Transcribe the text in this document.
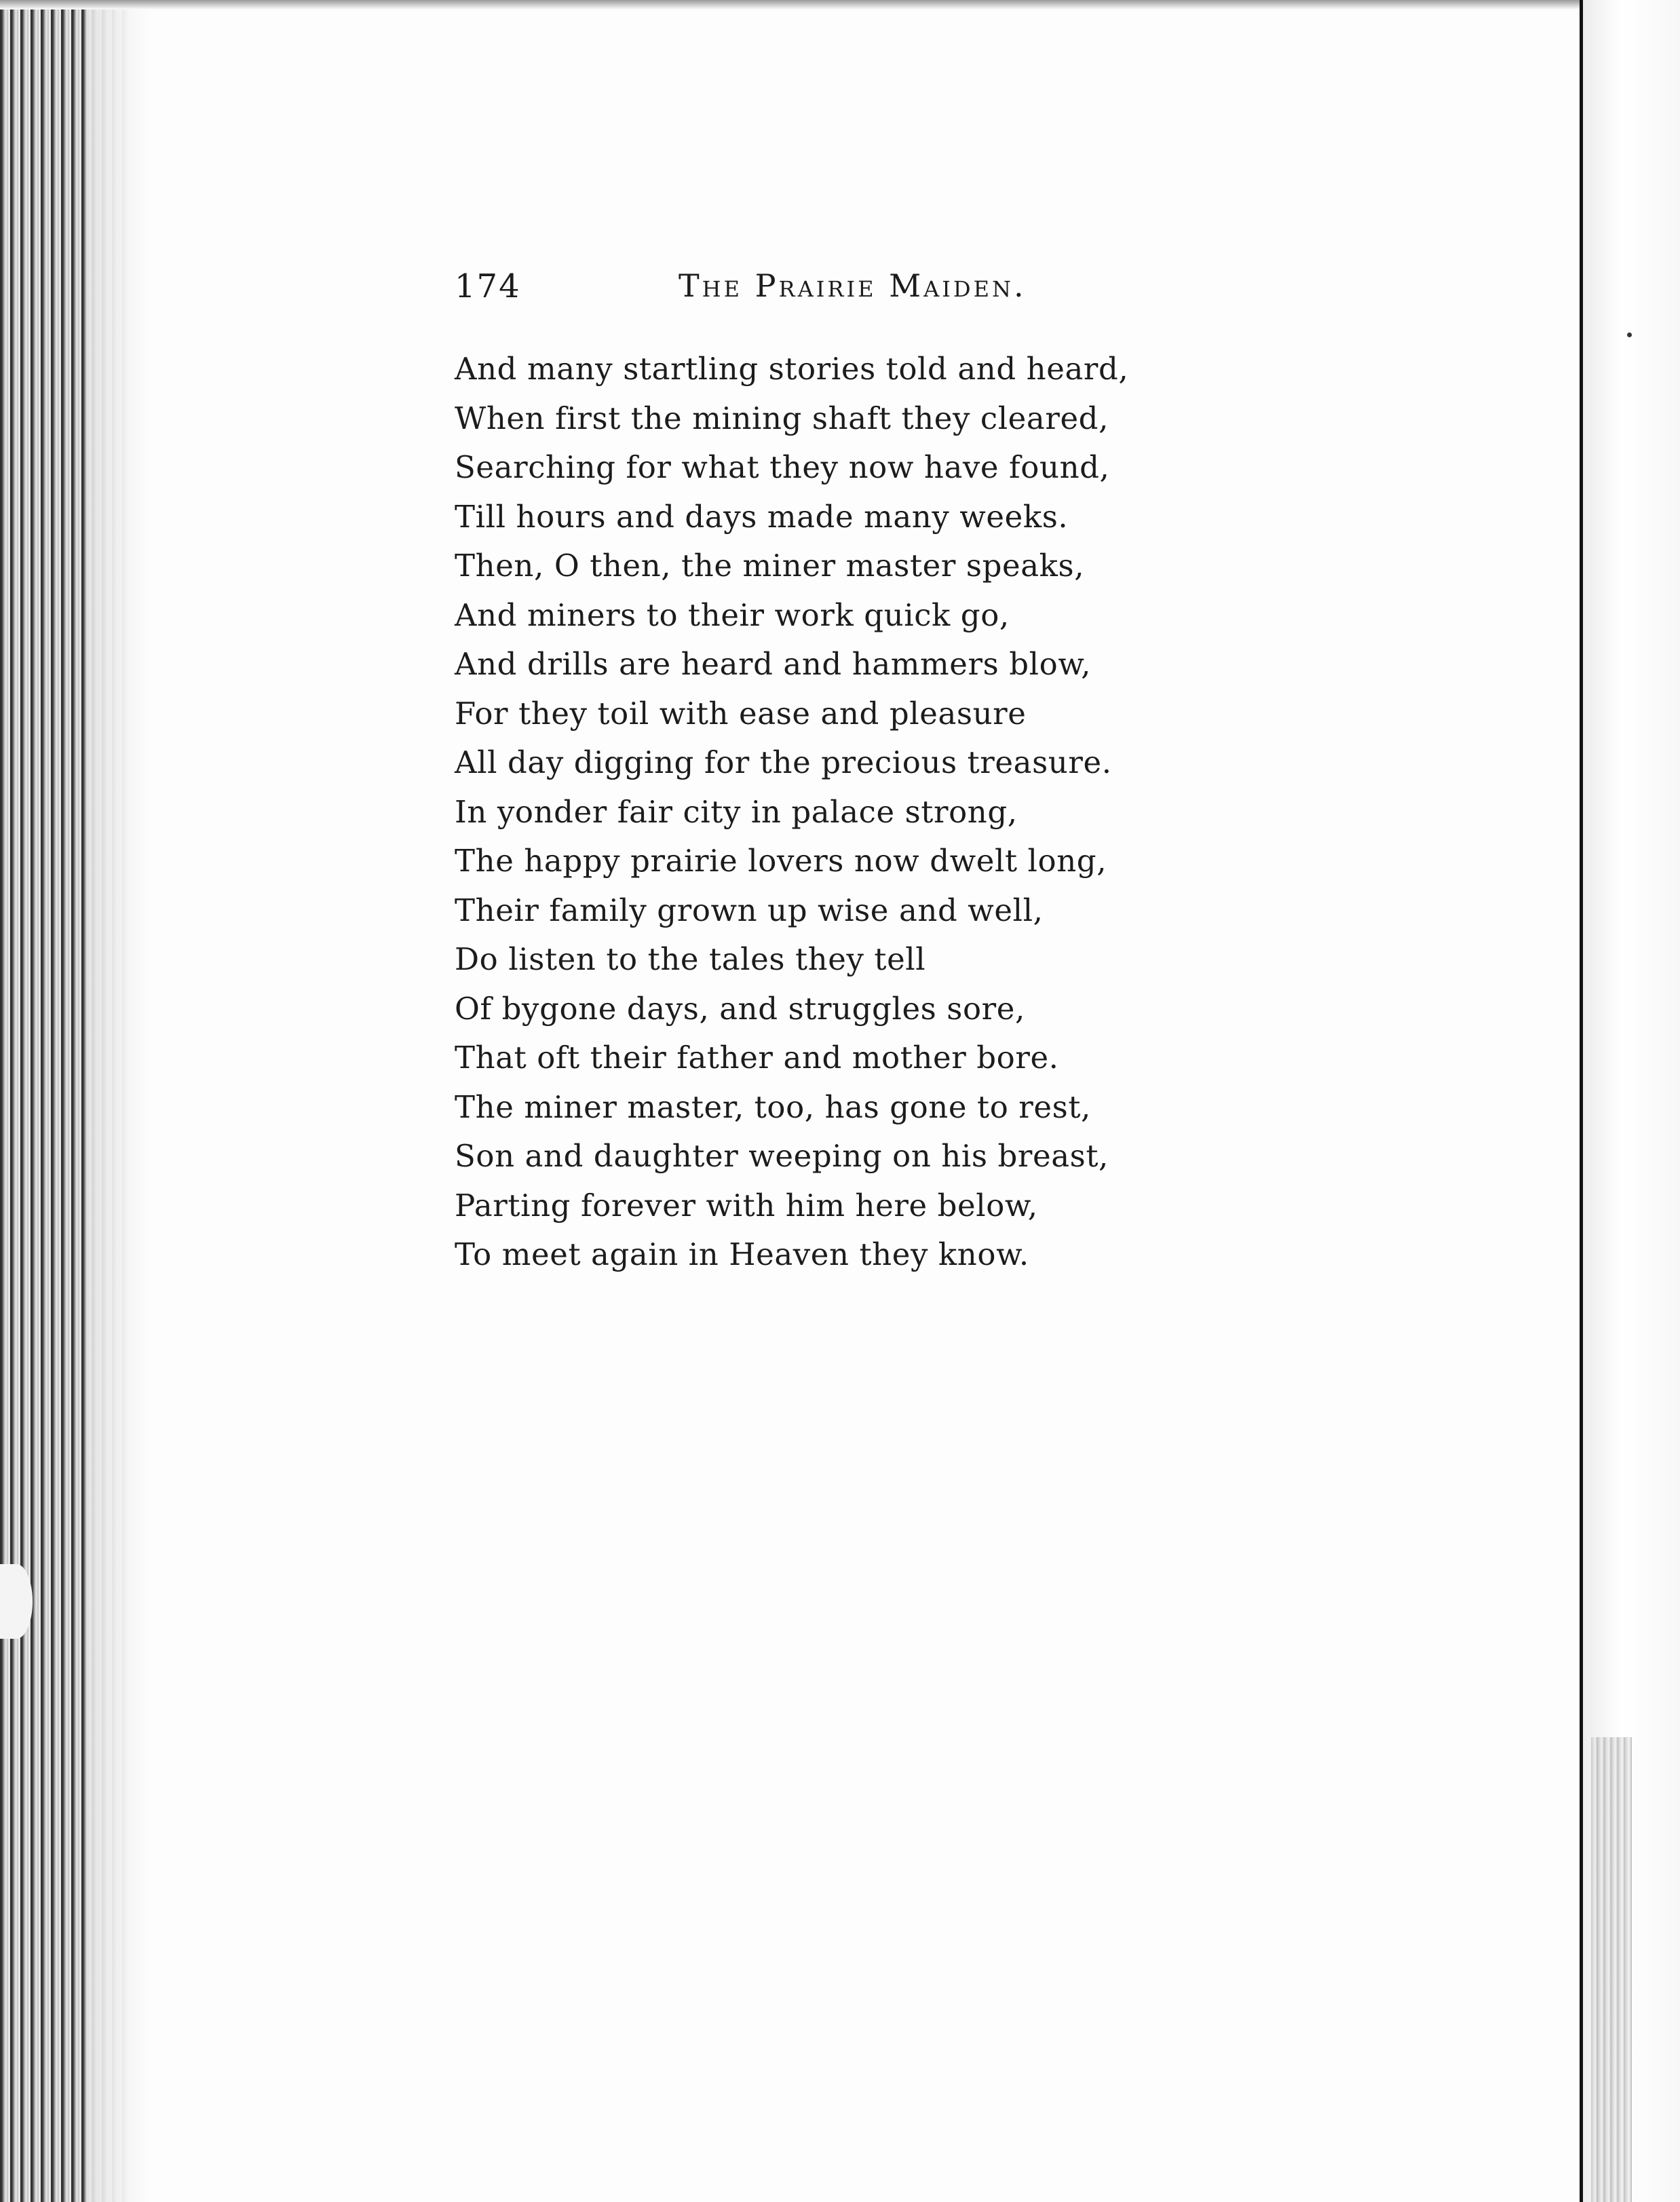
174	The Prairie Maiden.
And many startling stories told and heard,
When first the mining shaft they cleared,
Searching for what they now have found,
Till hours and days made many weeks.
Then, O then, the miner master speaks,
And miners to their work quick go,
And drills are heard and hammers blow,
For they toil with ease and pleasure
All day digging for the precious treasure.
In yonder fair city in palace strong,
The happy prairie lovers now dwelt long,
Their family grown up wise and well,
Do listen to the tales they tell
Of bygone days, and struggles sore,
That oft their father and mother bore.
The miner master, too, has gone to rest,
Son and daughter weeping on his breast,
Parting forever with him here below,
To meet again in Heaven they know.
